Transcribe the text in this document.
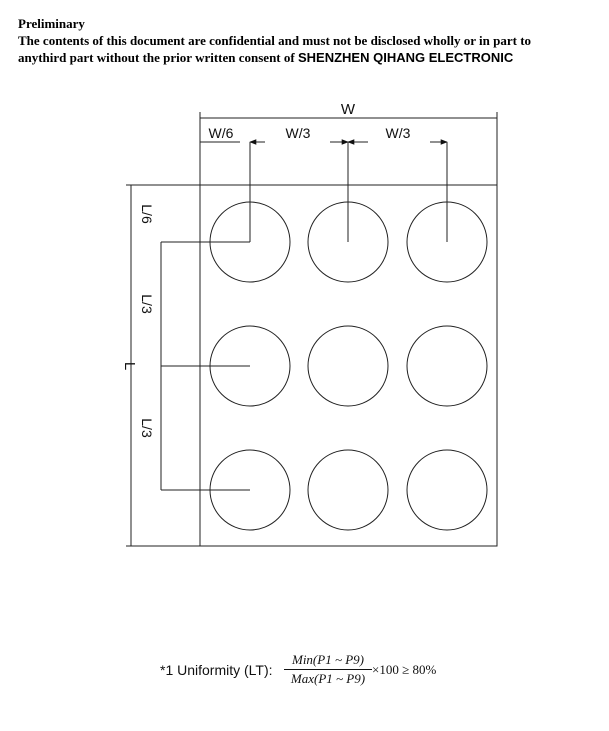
Preliminary
The contents of this document are confidential and must not be disclosed wholly or in part to
anythird part without the prior written consent of SHENZHEN QIHANG ELECTRONIC
W
W/6	W/3	W/3
L
L/6
L/3
L/3
*1 Uniformity (LT):
Min(P1 ~ P9)
Max(P1 ~ P9)
×100 ≥ 80%
